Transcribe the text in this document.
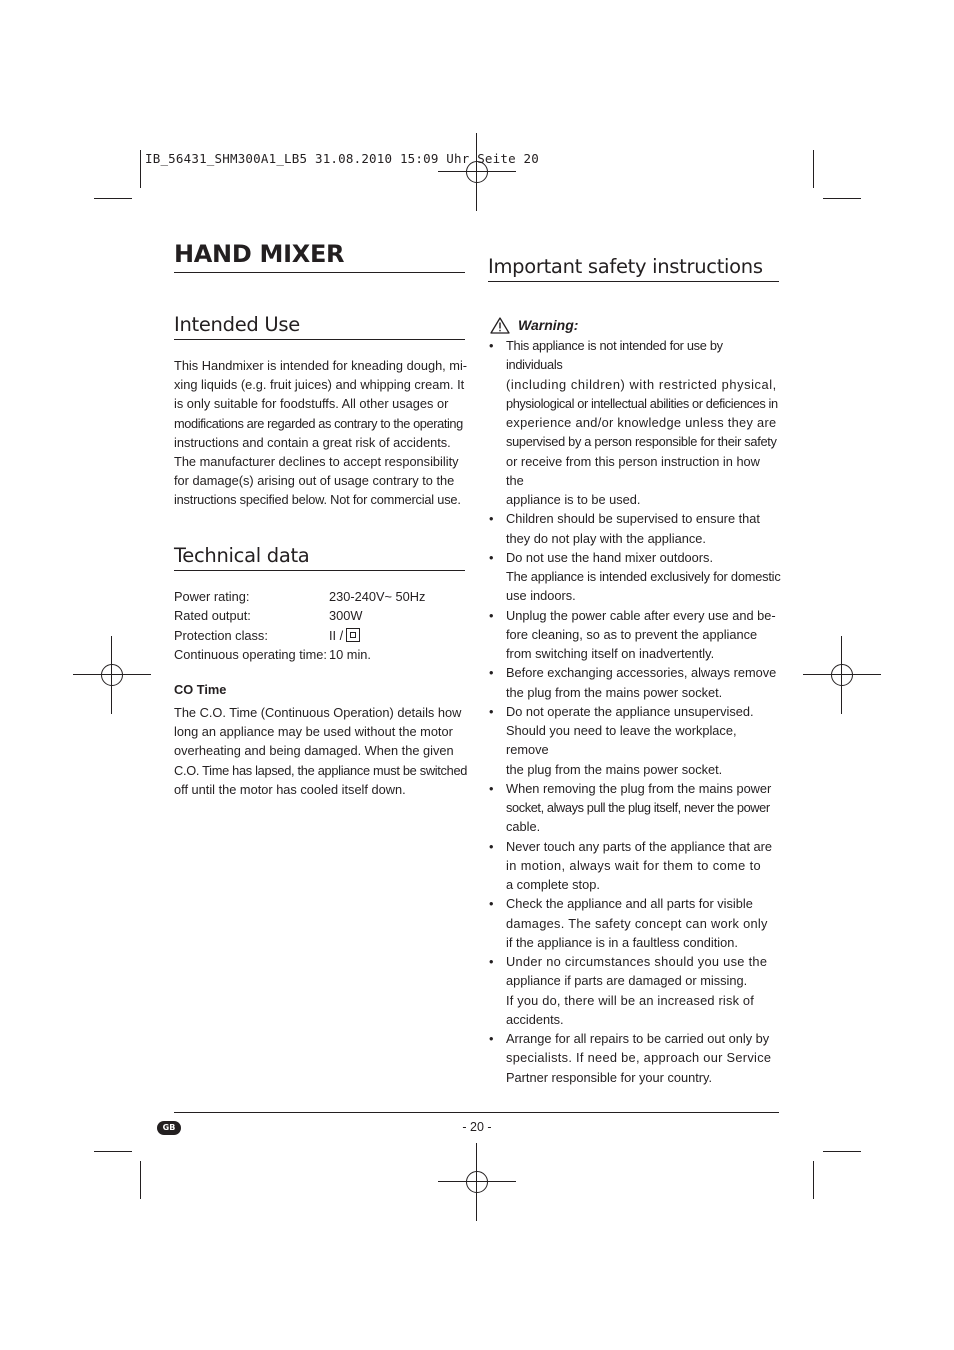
IB_56431_SHM300A1_LB5 31.08.2010 15:09 Uhr Seite 20

HAND MIXER
Intended Use
This Handmixer is intended for kneading dough, mi-
xing liquids (e.g. fruit juices) and whipping cream. It
is only suitable for foodstuffs. All other usages or
modifications are regarded as contrary to the operating
instructions and contain a great risk of accidents.
The manufacturer declines to accept responsibility
for damage(s) arising out of usage contrary to the
instructions specified below. Not for commercial use.
Technical data
Power rating:	230-240V~ 50Hz
Rated output:	300W
Protection class:	II /
Continuous operating time: 10 min.

CO Time

The C.O. Time (Continuous Operation) details how
long an appliance may be used without the motor
overheating and being damaged. When the given
C.O. Time has lapsed, the appliance must be switched
off until the motor has cooled itself down.
Important safety instructions
Warning:
• This appliance is not intended for use by individuals
(including children) with restricted physical,
physiological or intellectual abilities or deficiences in
experience and/or knowledge unless they are
supervised by a person responsible for their safety
or receive from this person instruction in how the
appliance is to be used.
• Children should be supervised to ensure that
they do not play with the appliance.
• Do not use the hand mixer outdoors.
The appliance is intended exclusively for domestic
use indoors.
• Unplug the power cable after every use and be-
fore cleaning, so as to prevent the appliance
from switching itself on inadvertently.
• Before exchanging accessories, always remove
the plug from the mains power socket.
• Do not operate the appliance unsupervised.
Should you need to leave the workplace, remove
the plug from the mains power socket.
• When removing the plug from the mains power
socket, always pull the plug itself, never the power
cable.
• Never touch any parts of the appliance that are
in motion, always wait for them to come to
a complete stop.
• Check the appliance and all parts for visible
damages. The safety concept can work only
if the appliance is in a faultless condition.
• Under no circumstances should you use the
appliance if parts are damaged or missing.
If you do, there will be an increased risk of
accidents.
• Arrange for all repairs to be carried out only by
specialists. If need be, approach our Service
Partner responsible for your country.
GB	- 20 -
